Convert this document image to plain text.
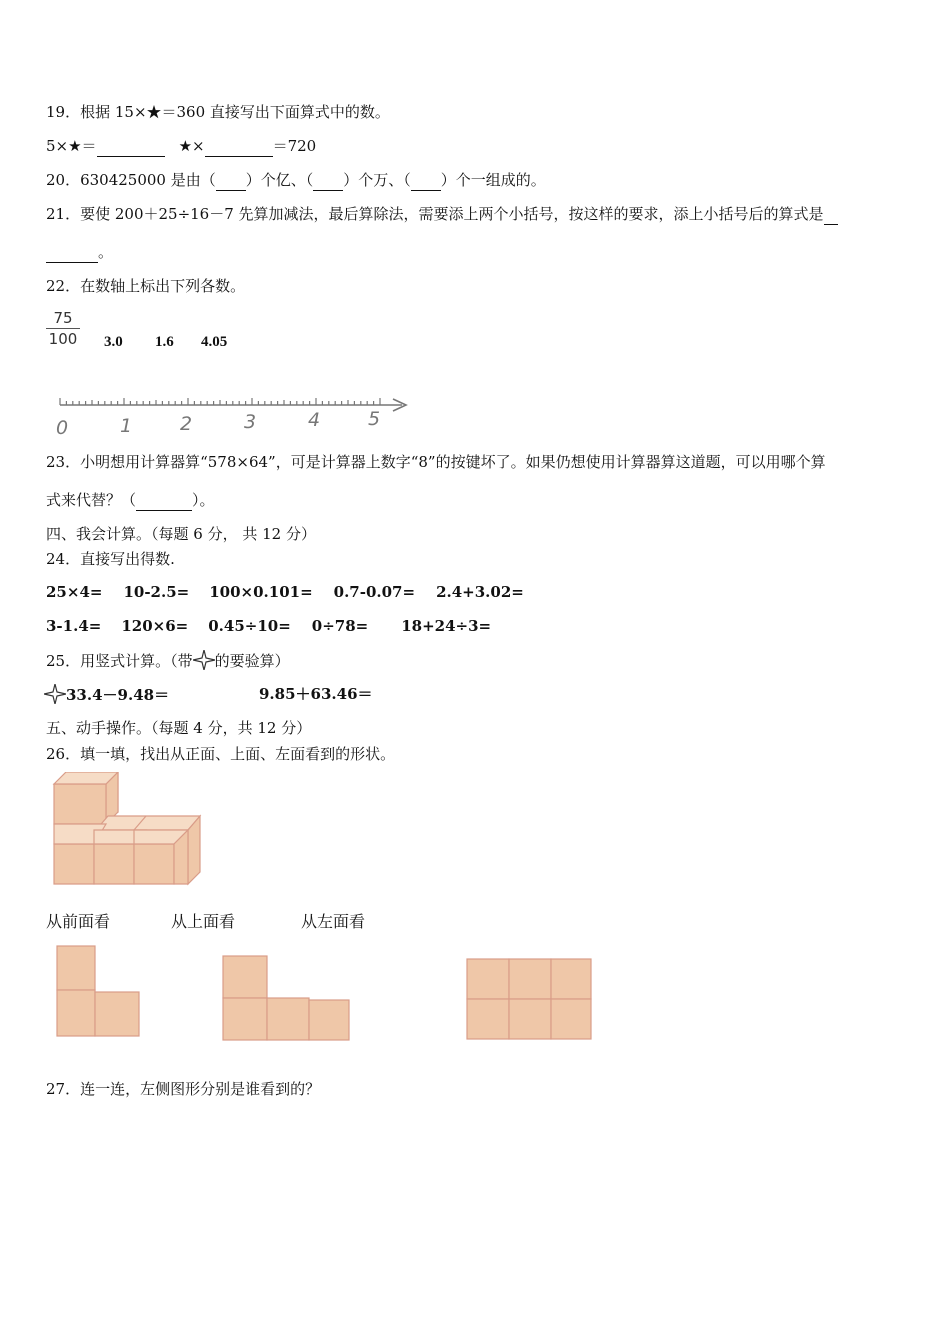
19．根据 15×★＝360 直接写出下面算式中的数。
5×★＝	★×	＝720
20．630425000 是由（ ）个亿、（ ）个万、（ ）个一组成的。
21．要使 200＋25÷16－7 先算加减法，最后算除法，需要添上两个小括号，按这样的要求，添上小括号后的算式是
。
22．在数轴上标出下列各数。
75
100 3.0 1.6 4.05
0	1	2	3	4	5
23．小明想用计算器算“578×64”，可是计算器上数字“8”的按键坏了。如果仍想使用计算器算这道题，可以用哪个算
式来代替？（	）。
四、我会计算。（每题 6 分， 共 12 分）
24．直接写出得数.
25×4= 10-2.5= 100×0.101= 0.7-0.07= 2.4+3.02=
3-1.4= 120×6= 0.45÷10= 0÷78= 18+24÷3=
25．用竖式计算。（带 的要验算）
33.4－9.48＝	9.85＋63.46＝
五、动手操作。（每题 4 分，共 12 分）
26．填一填，找出从正面、上面、左面看到的形状。
从前面看	从上面看	从左面看
27．连一连，左侧图形分别是谁看到的？
